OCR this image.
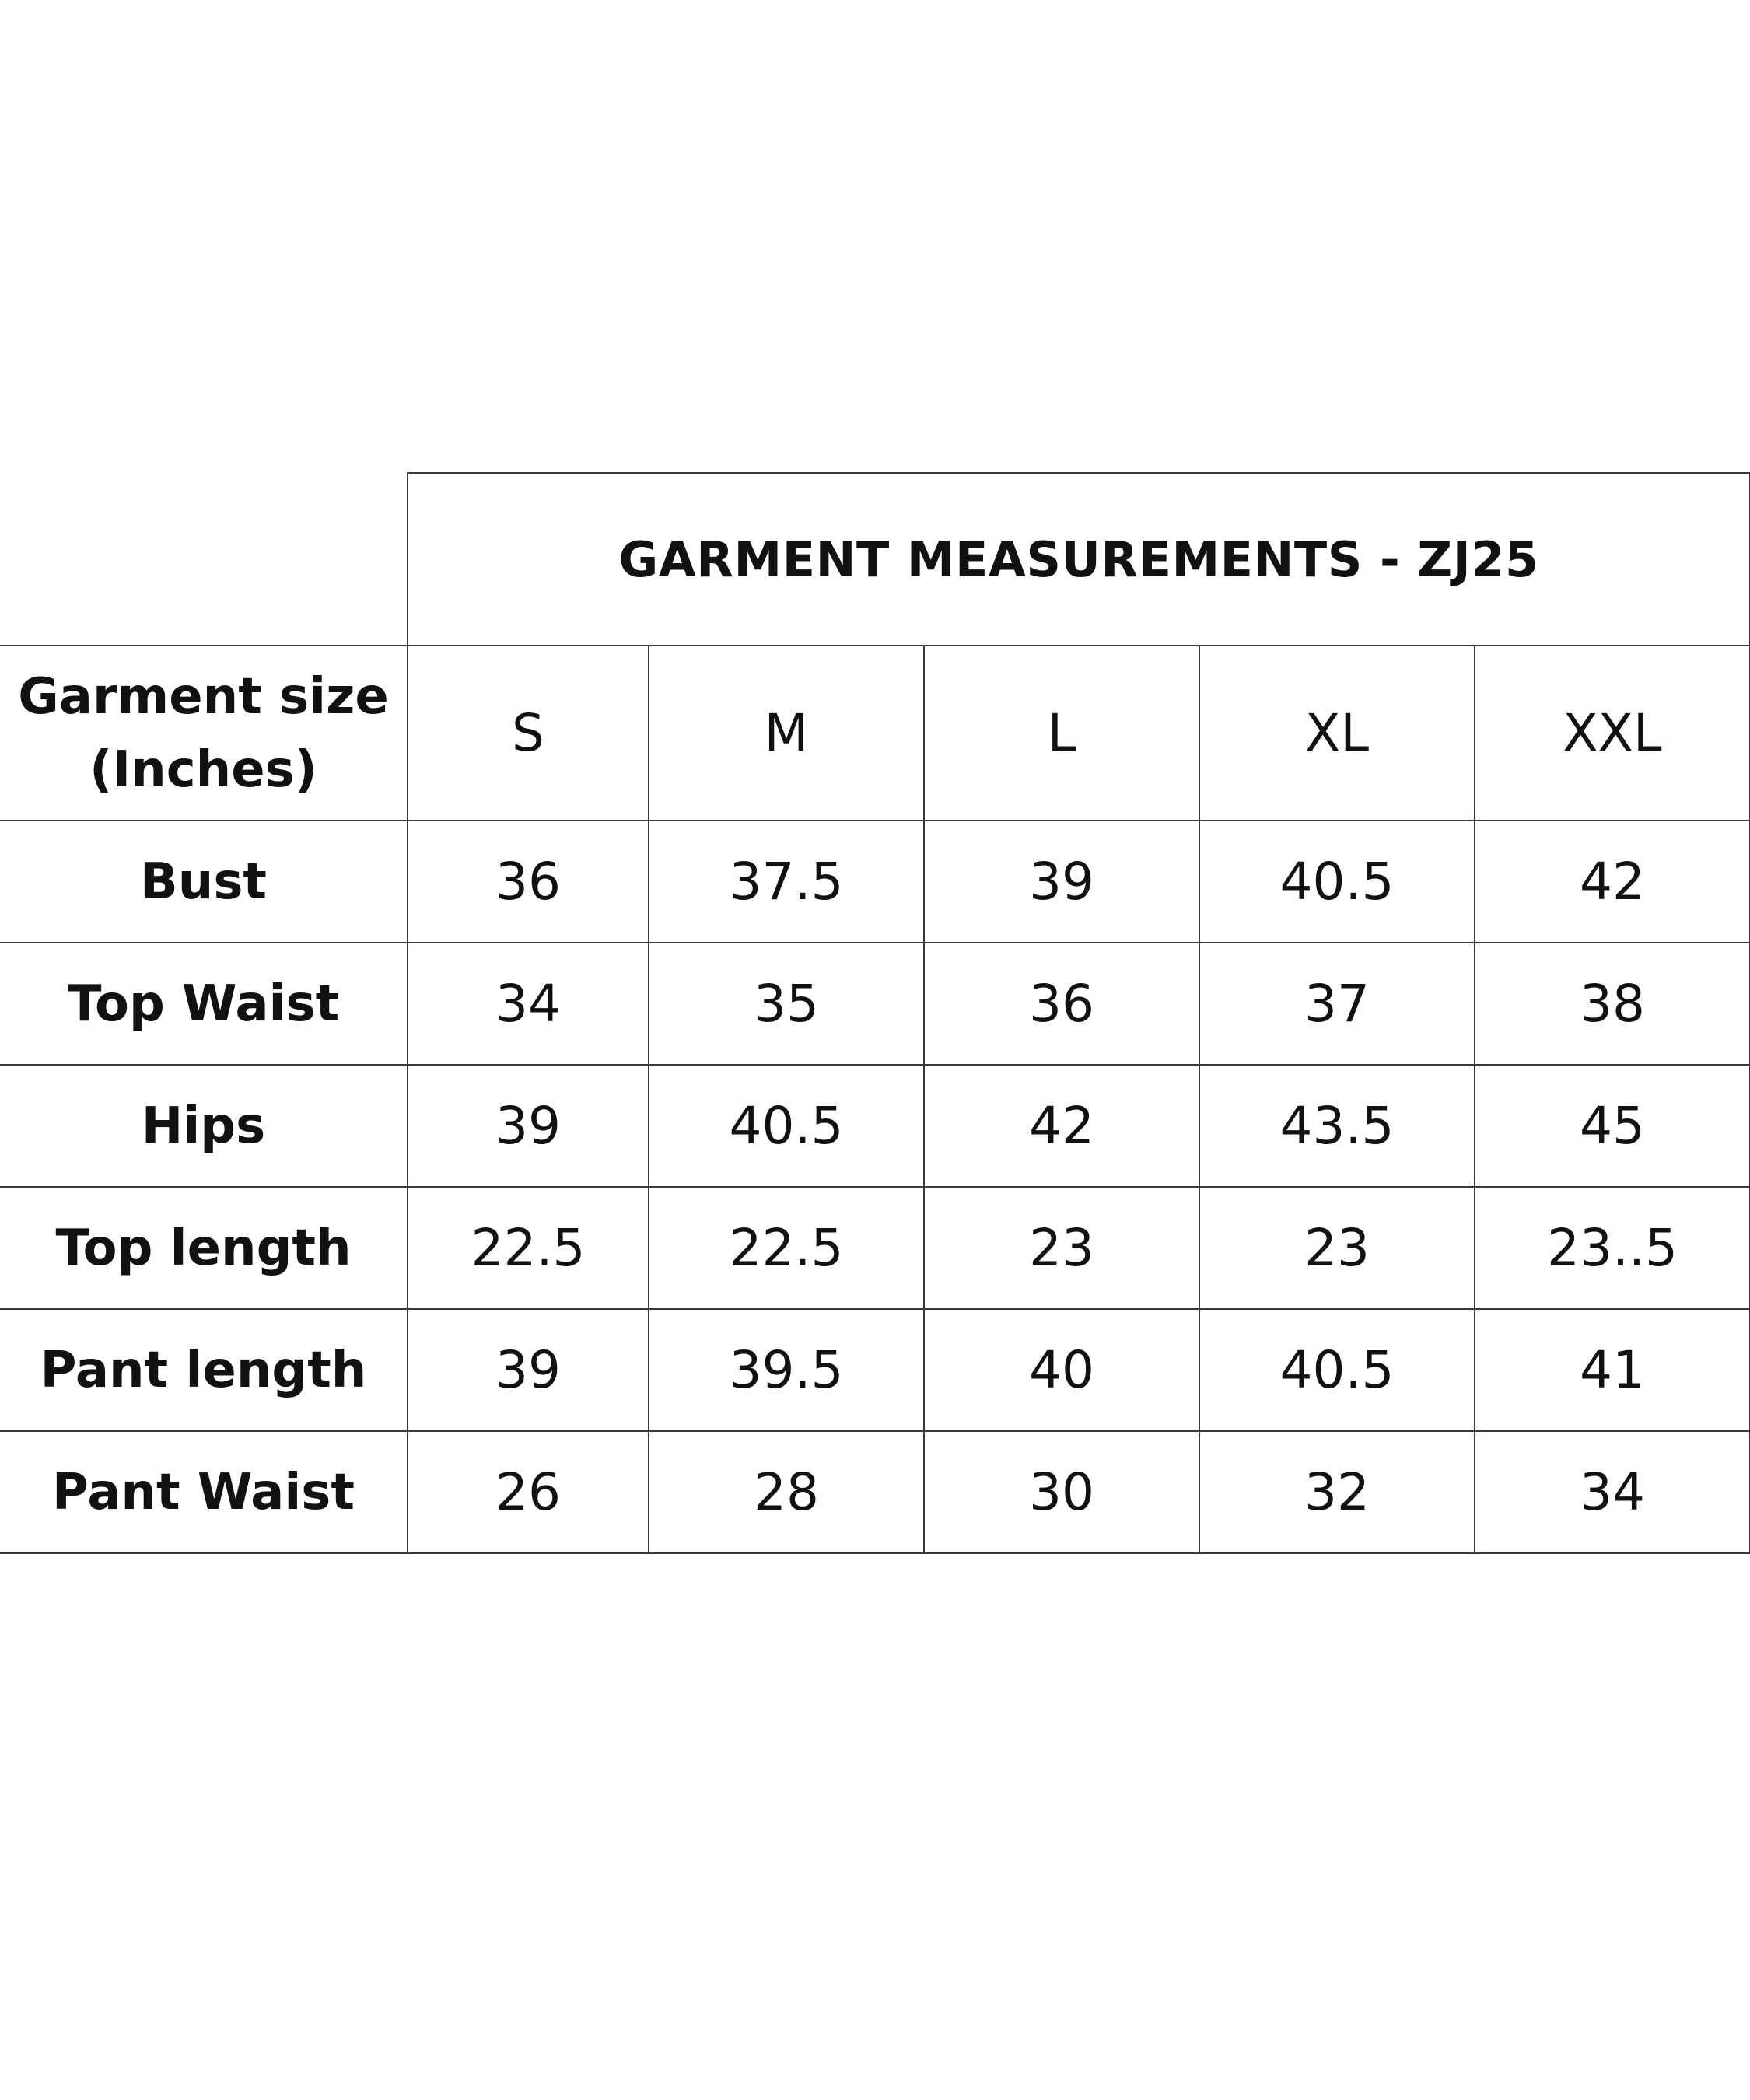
	GARMENT MEASUREMENTS - ZJ25				
Garment size
(Inches)	S	M	L	XL	XXL
Bust	36	37.5	39	40.5	42
Top Waist	34	35	36	37	38
Hips	39	40.5	42	43.5	45
Top length	22.5	22.5	23	23	23..5
Pant length	39	39.5	40	40.5	41
Pant Waist	26	28	30	32	34
